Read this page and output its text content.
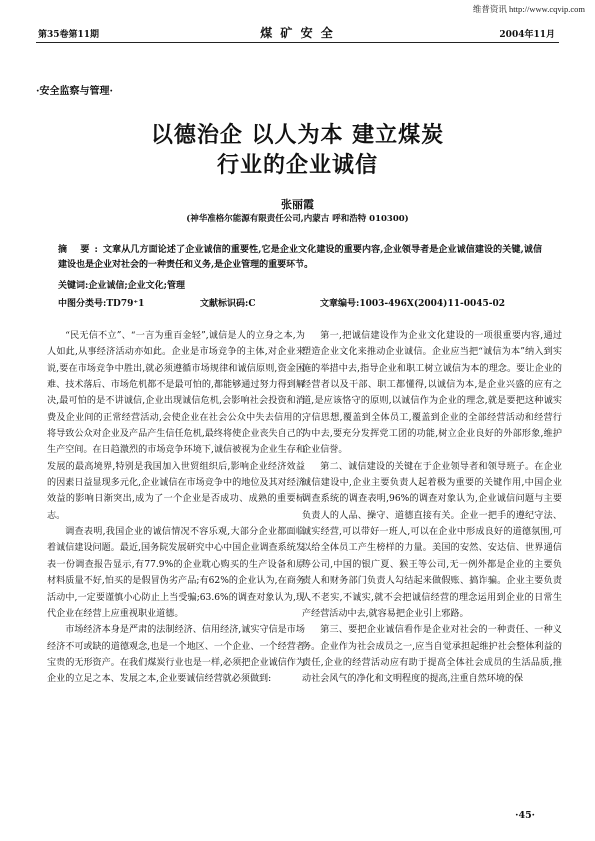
维普资讯 http://www.cqvip.com
第35卷第11期	煤 矿 安 全	2004年11月
·安全监察与管理·
以德治企 以人为本 建立煤炭
行业的企业诚信
张丽霞
(神华准格尔能源有限责任公司,内蒙古 呼和浩特 010300)
摘 要:文章从几方面论述了企业诚信的重要性,它是企业文化建设的重要内容,企业领导者是企业诚信建设的关键,诚信建设也是企业对社会的一种责任和义务,是企业管理的重要环节。
关键词:企业诚信;企业文化;管理
中图分类号:TD79⁺1	文献标识码:C	文章编号:1003-496X(2004)11-0045-02

“民无信不立”、“一言为重百金轻”,诚信是人的立身之本,为人如此,从事经济活动亦如此。企业是市场竞争的主体,对企业来说,要在市场竞争中胜出,就必须遵循市场规律和诚信原则,资金困难、技术落后、市场危机都不是最可怕的,都能够通过努力得到解决,最可怕的是不讲诚信,企业出现诚信危机,会影响社会投资和消费及企业间的正常经营活动,会使企业在社会公众中失去信用的,将导致公众对企业及产品产生信任危机,最终将使企业丧失自己的生产空间。在日趋激烈的市场竞争环境下,诚信被视为企业生存和发展的最高境界,特别是我国加入世贸组织后,影响企业经济效益的因素日益显现多元化,企业诚信在市场竞争中的地位及其对经济效益的影响日渐突出,成为了一个企业是否成功、成熟的重要标志。

调查表明,我国企业的诚信情况不容乐观,大部分企业都面临着诚信建设问题。最近,国务院发展研究中心中国企业调查系统发表一份调查报告显示,有77.9%的企业耽心购买的生产设备和原材料质量不好,怕买的是假冒伪劣产品;有62%的企业认为,在商务活动中,一定要谨慎小心防止上当受骗;63.6%的调查对象认为,现代企业在经营上应重视职业道德。

市场经济本身是严肃的法制经济、信用经济,诚实守信是市场经济不可或缺的道德观念,也是一个地区、一个企业、一个经营者宝贵的无形资产。在我们煤炭行业也是一样,必须把企业诚信作为企业的立足之本、发展之本,企业要诚信经营就必须做到:

第一,把诚信建设作为企业文化建设的一项很重要内容,通过塑造企业文化来推动企业诚信。企业应当把“诚信为本”纳入到实施的举措中去,指导企业和职工树立诚信为本的理念。要让企业的经营者以及干部、职工都懂得,以诚信为本,是企业兴盛的应有之道,是应该恪守的原则,以诚信作为企业的理念,就是要把这种诚实守信思想,覆盖到全体员工,覆盖到企业的全部经营活动和经营行为中去,要充分发挥党工团的功能,树立企业良好的外部形象,维护企业信誉。

第二、诚信建设的关键在于企业领导者和领导班子。在企业诚信建设中,企业主要负责人起着极为重要的关键作用,中国企业调查系统的调查表明,96%的调查对象认为,企业诚信问题与主要负责人的人品、操守、道德直接有关。企业一把手的遵纪守法、诚实经营,可以带好一班人,可以在企业中形成良好的道德氛围,可以给全体员工产生榜样的力量。美国的安然、安达信、世界通信等公司,中国的银广夏、猴王等公司,无一例外都是企业的主要负责人和财务部门负责人勾结起来做假账、搞诈骗。企业主要负责人不老实,不诚实,就不会把诚信经营的理念运用到企业的日常生产经营活动中去,就容易把企业引上邪路。

第三、要把企业诚信看作是企业对社会的一种责任、一种义务。企业作为社会成员之一,应当自觉承担起维护社会整体利益的责任,企业的经营活动应有助于提高全体社会成员的生活品质,推动社会风气的净化和文明程度的提高,注重自然环境的保

·45·
